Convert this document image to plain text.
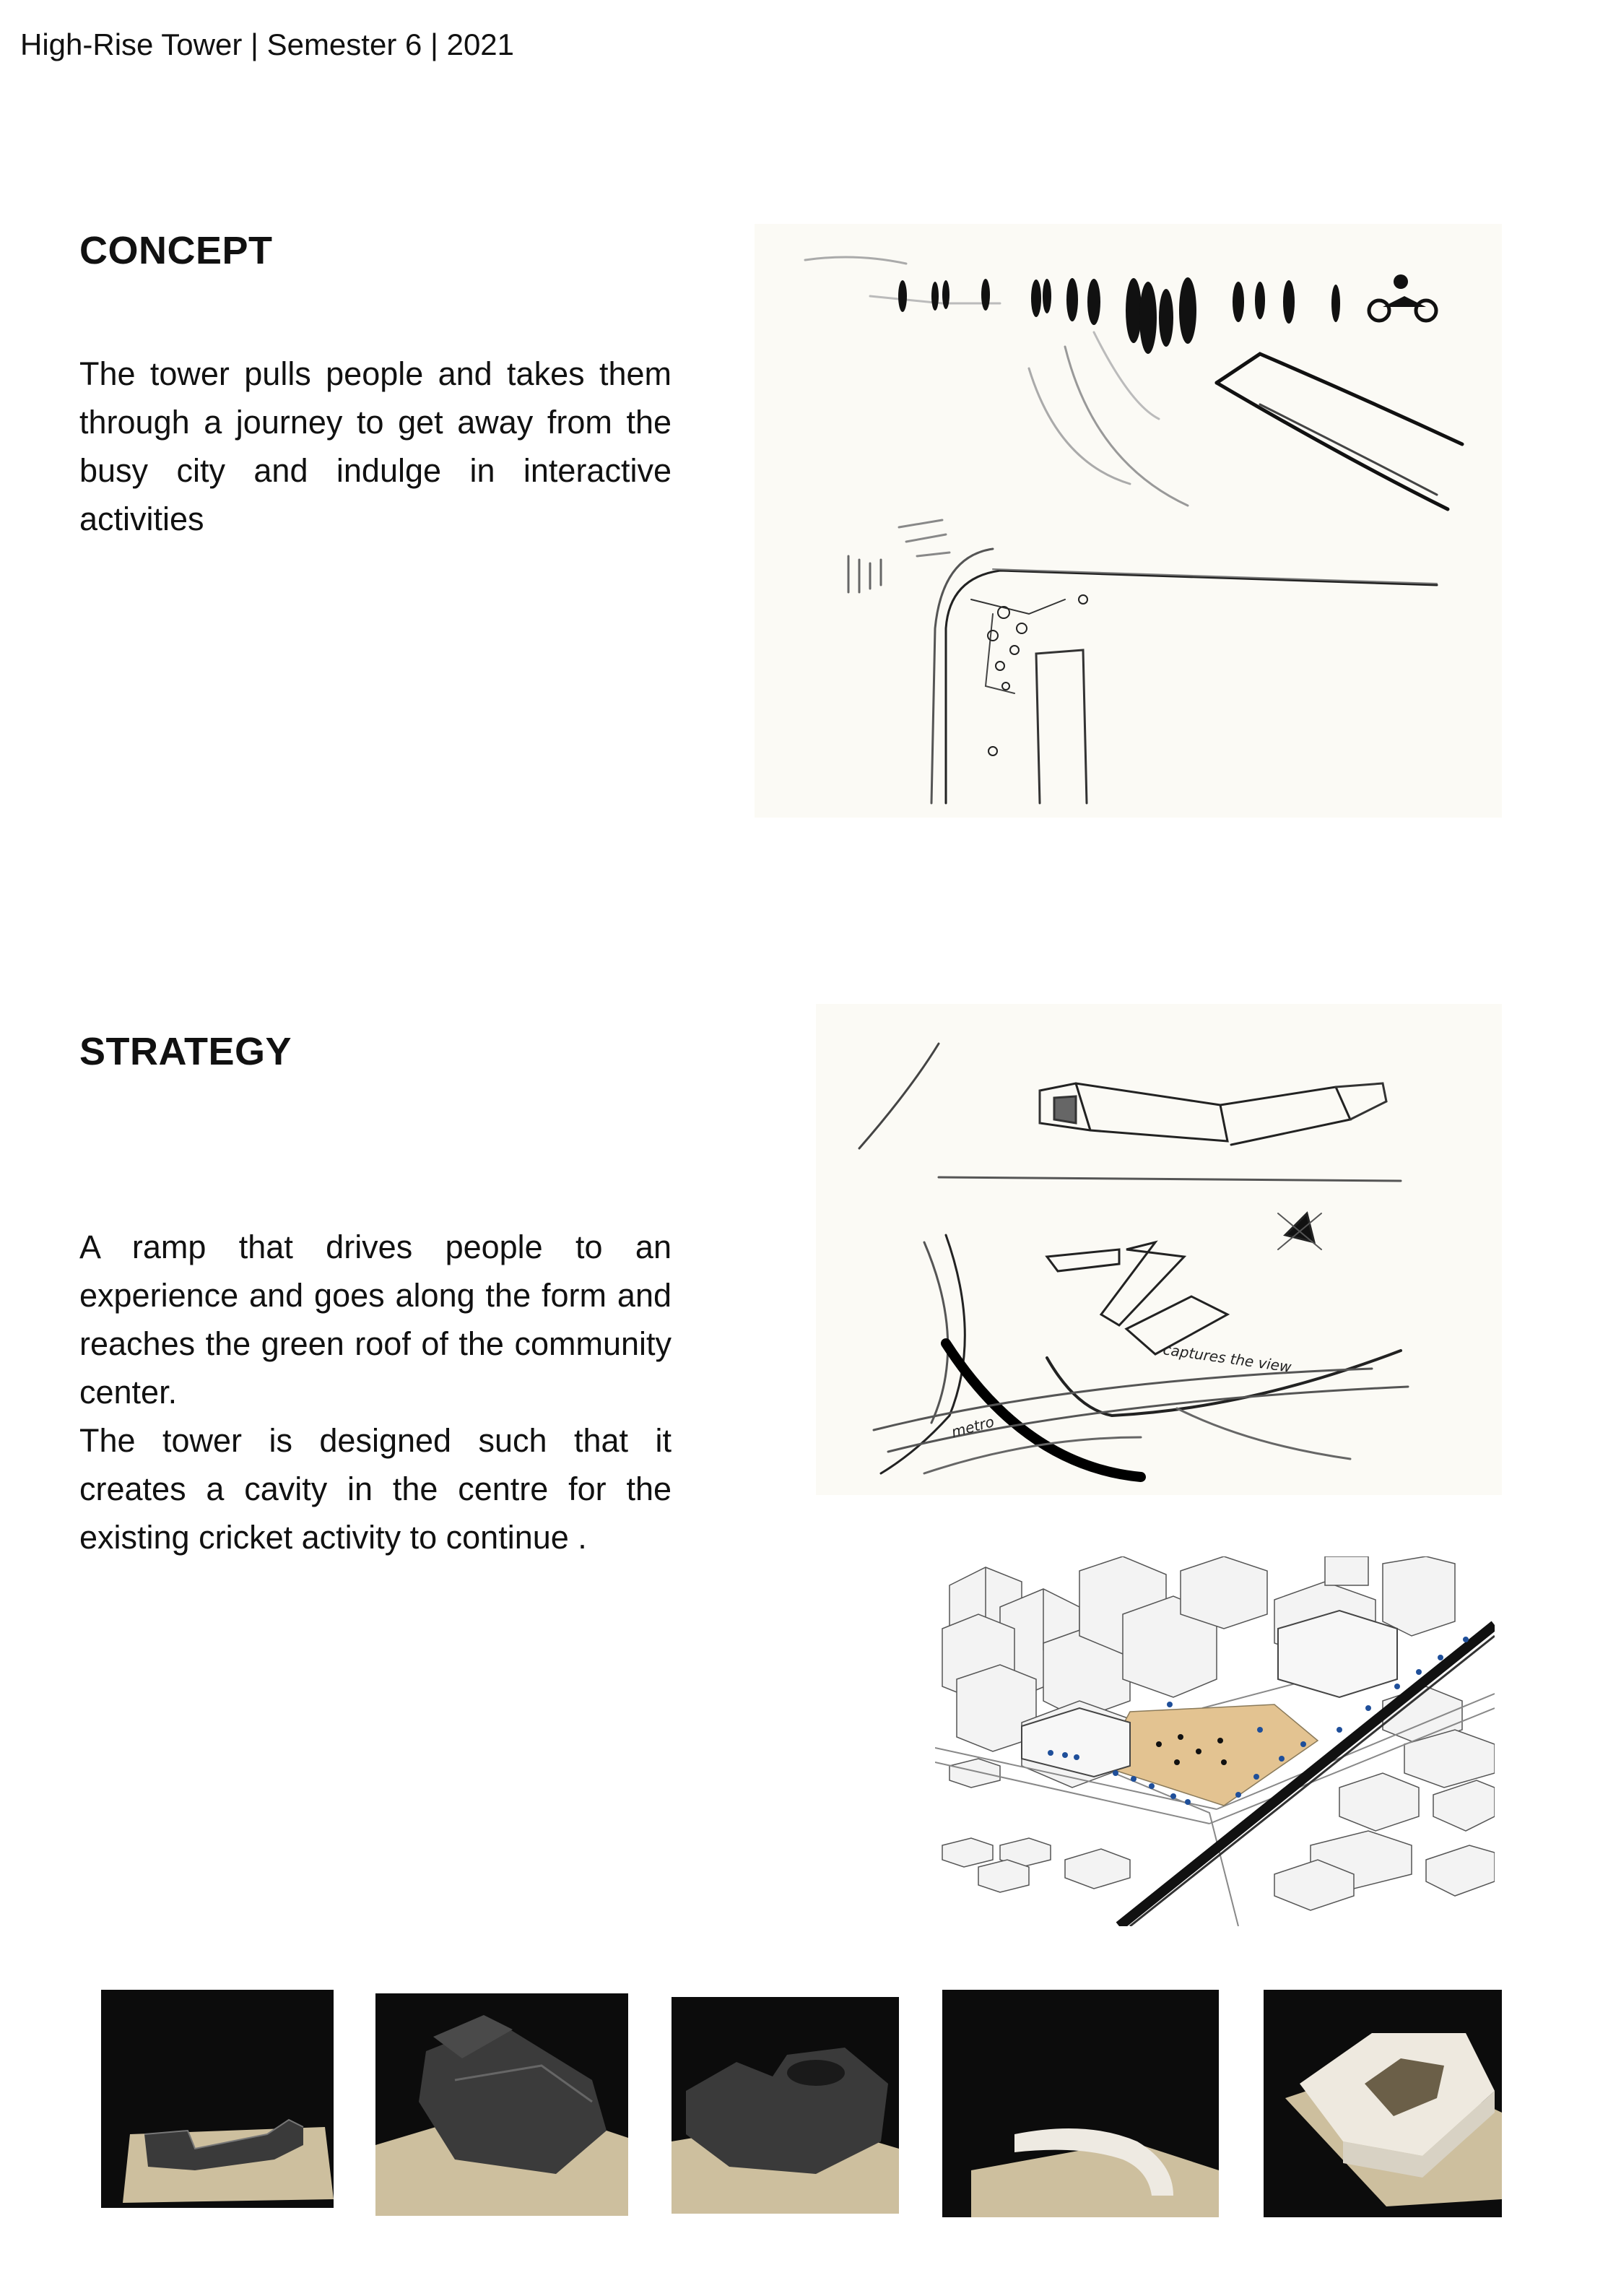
High-Rise Tower | Semester 6 | 2021
CONCEPT

The tower pulls people and takes them through a journey to get away from the busy city and indulge in interactive activities

STRATEGY

A ramp that drives people to an experience and goes along the form and reaches the green roof of the community center.

The tower is designed such that it creates a cavity in the centre for the existing cricket activity to continue .

captures the view
metro
